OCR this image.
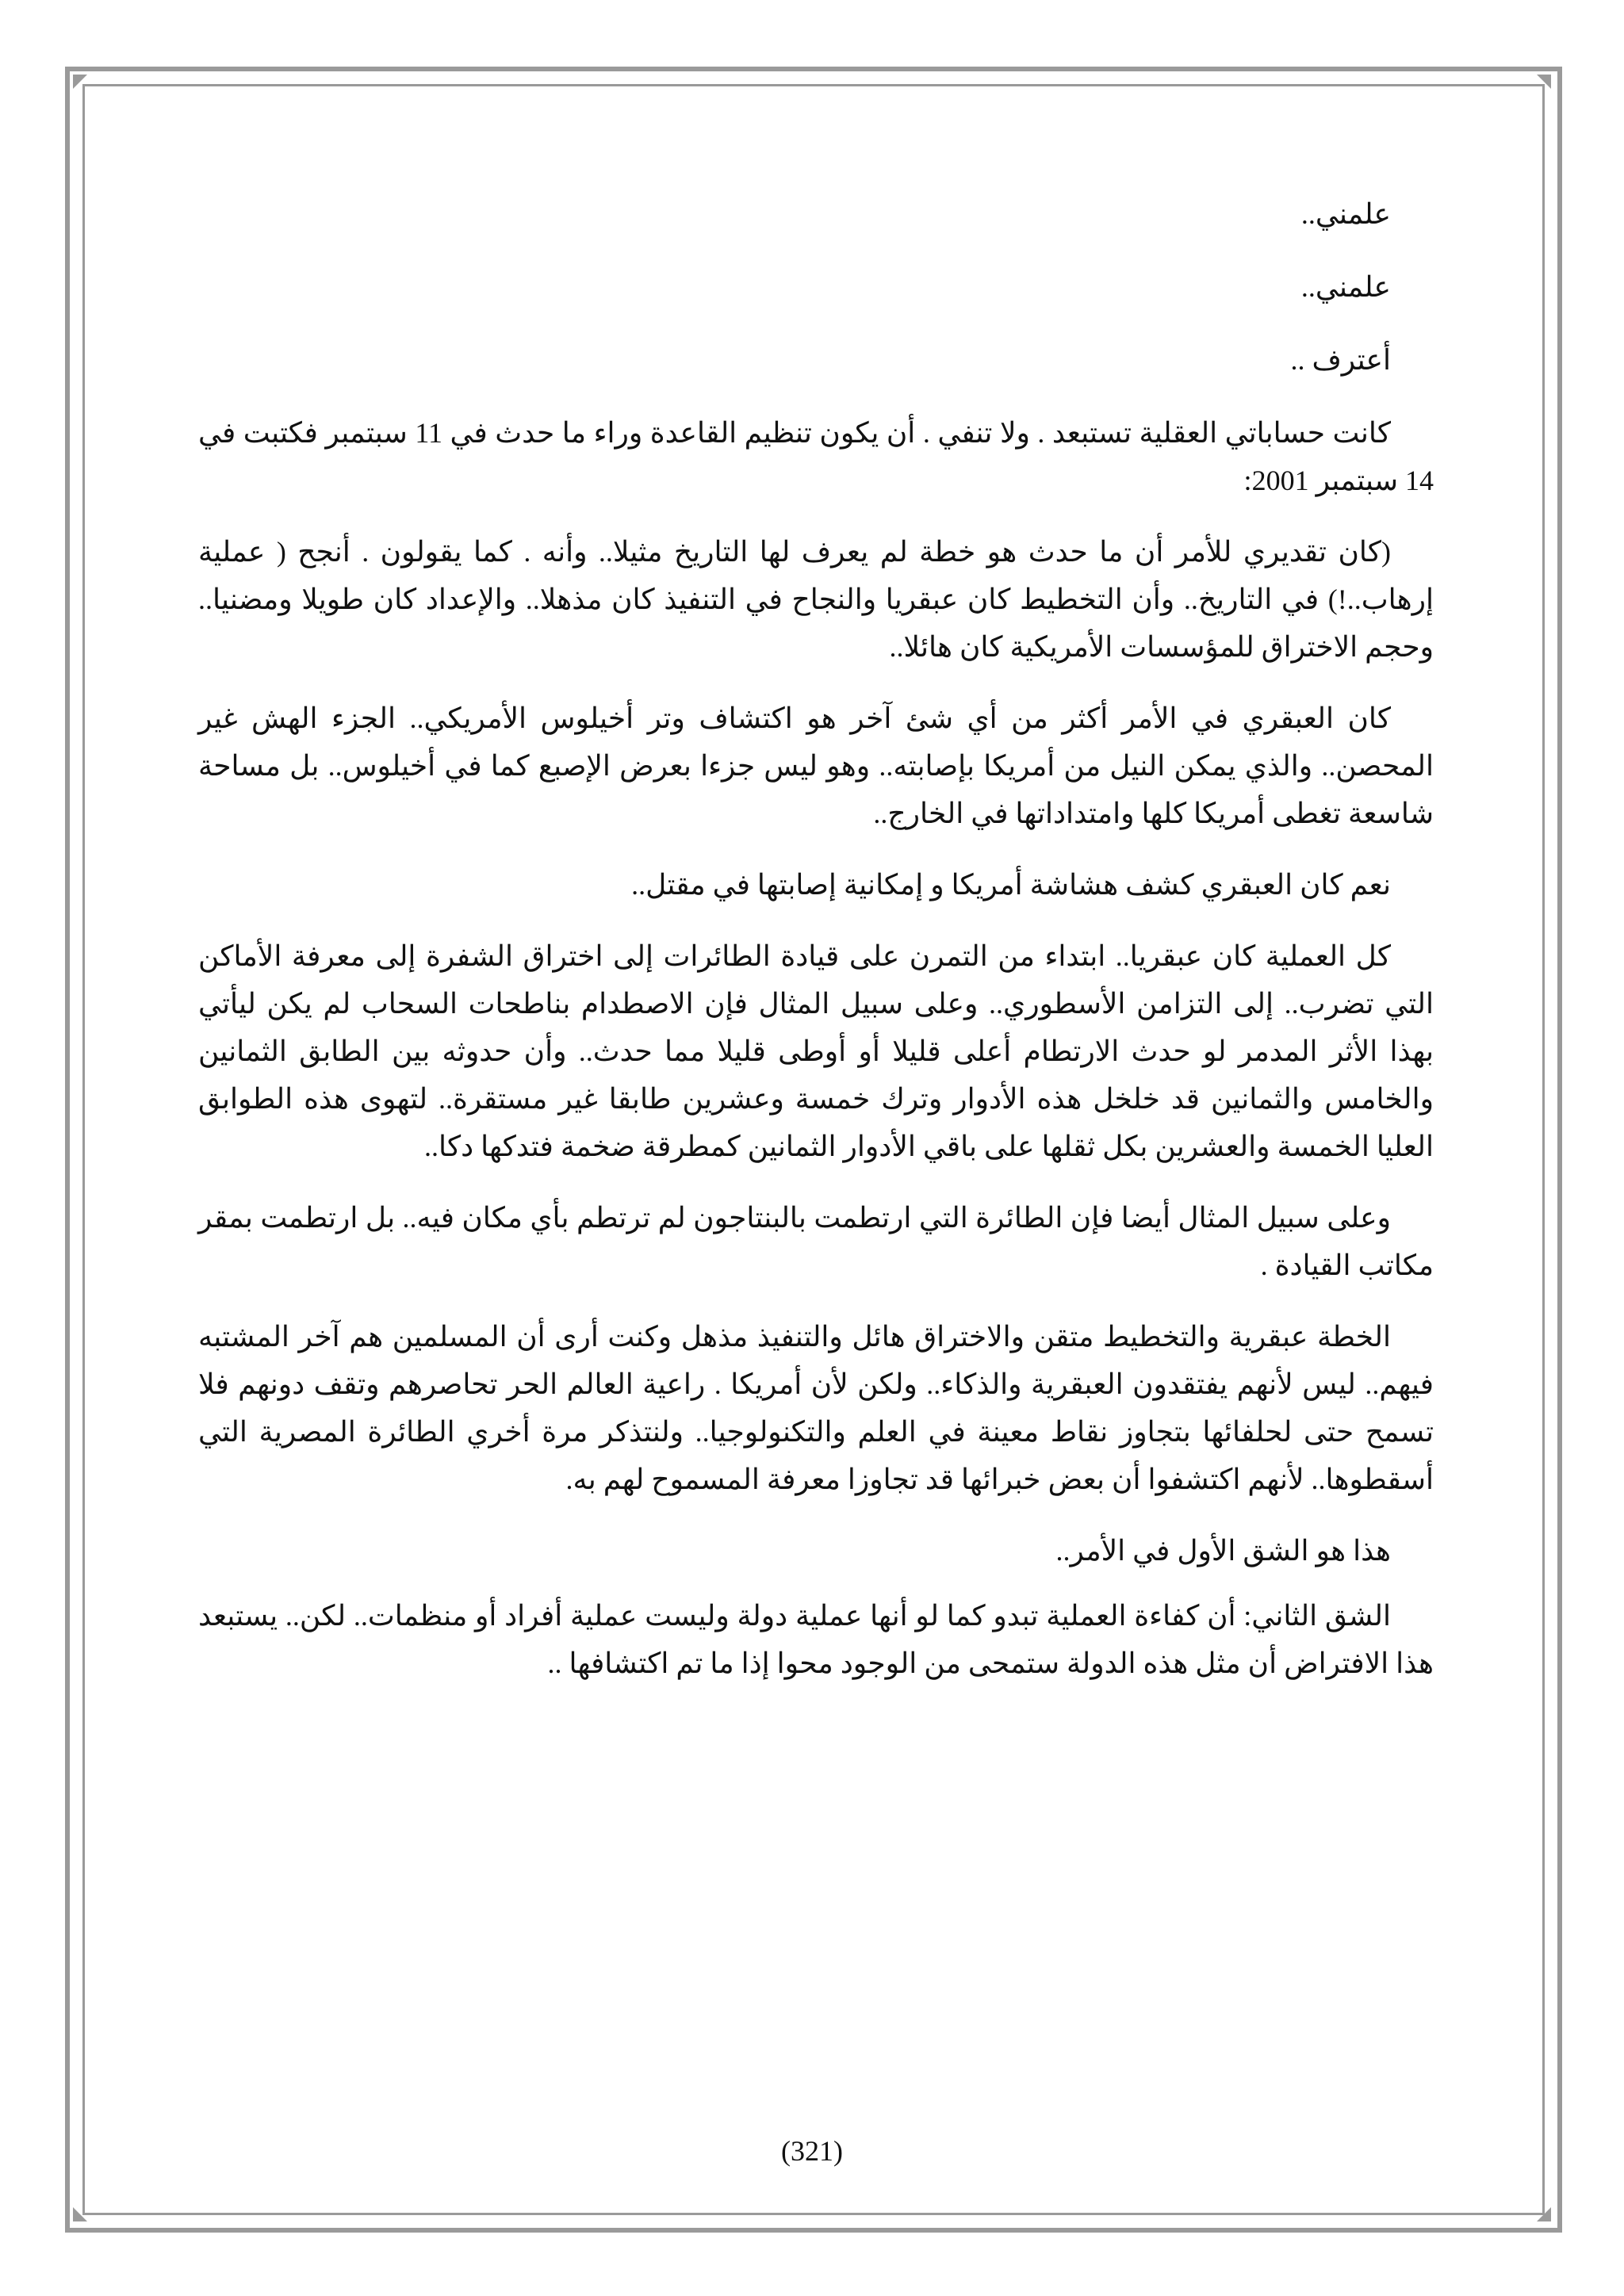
علمني..

علمني..

أعترف ..

كانت حساباتي العقلية تستبعد . ولا تنفي . أن يكون تنظيم القاعدة وراء ما حدث في 11 سبتمبر فكتبت في 14 سبتمبر 2001:

(كان تقديري للأمر أن ما حدث هو خطة لم يعرف لها التاريخ مثيلا.. وأنه . كما يقولون . أنجح ( عملية إرهاب..!) في التاريخ.. وأن التخطيط كان عبقريا والنجاح في التنفيذ كان مذهلا.. والإعداد كان طويلا ومضنيا.. وحجم الاختراق للمؤسسات الأمريكية كان هائلا..

كان العبقري في الأمر أكثر من أي شئ آخر هو اكتشاف وتر أخيلوس الأمريكي.. الجزء الهش غير المحصن.. والذي يمكن النيل من أمريكا بإصابته.. وهو ليس جزءا بعرض الإصبع كما في أخيلوس.. بل مساحة شاسعة تغطى أمريكا كلها وامتداداتها في الخارج..

نعم كان العبقري كشف هشاشة أمريكا و إمكانية إصابتها في مقتل..

كل العملية كان عبقريا.. ابتداء من التمرن على قيادة الطائرات إلى اختراق الشفرة إلى معرفة الأماكن التي تضرب.. إلى التزامن الأسطوري.. وعلى سبيل المثال فإن الاصطدام بناطحات السحاب لم يكن ليأتي بهذا الأثر المدمر لو حدث الارتطام أعلى قليلا أو أوطى قليلا مما حدث.. وأن حدوثه بين الطابق الثمانين والخامس والثمانين قد خلخل هذه الأدوار وترك خمسة وعشرين طابقا غير مستقرة.. لتهوى هذه الطوابق العليا الخمسة والعشرين بكل ثقلها على باقي الأدوار الثمانين كمطرقة ضخمة فتدكها دكا..

وعلى سبيل المثال أيضا فإن الطائرة التي ارتطمت بالبنتاجون لم ترتطم بأي مكان فيه.. بل ارتطمت بمقر مكاتب القيادة .

الخطة عبقرية والتخطيط متقن والاختراق هائل والتنفيذ مذهل وكنت أرى أن المسلمين هم آخر المشتبه فيهم.. ليس لأنهم يفتقدون العبقرية والذكاء.. ولكن لأن أمريكا . راعية العالم الحر تحاصرهم وتقف دونهم فلا تسمح حتى لحلفائها بتجاوز نقاط معينة في العلم والتكنولوجيا.. ولنتذكر مرة أخري الطائرة المصرية التي أسقطوها.. لأنهم اكتشفوا أن بعض خبرائها قد تجاوزا معرفة المسموح لهم به.

هذا هو الشق الأول في الأمر..

الشق الثاني: أن كفاءة العملية تبدو كما لو أنها عملية دولة وليست عملية أفراد أو منظمات.. لكن.. يستبعد هذا الافتراض أن مثل هذه الدولة ستمحى من الوجود محوا إذا ما تم اكتشافها ..

(321)
